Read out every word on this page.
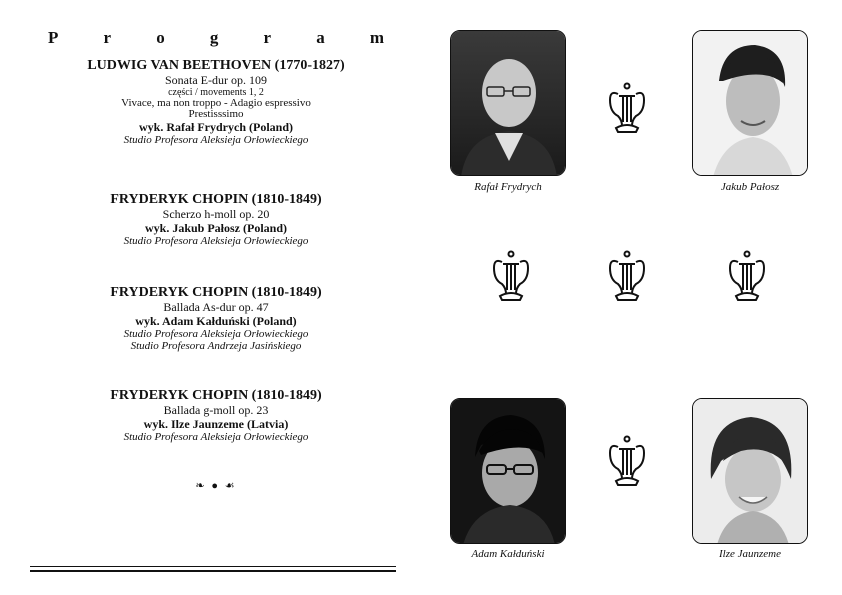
P	r	o	g	r	a	m
LUDWIG VAN BEETHOVEN (1770-1827)
Sonata E-dur op. 109
części / movements 1, 2
Vivace, ma non troppo - Adagio espressivo
Prestisssimo
wyk. Rafał Frydrych (Poland)
Studio Profesora Aleksieja Orłowieckiego
FRYDERYK CHOPIN (1810-1849)
Scherzo h-moll op. 20
wyk. Jakub Pałosz (Poland)
Studio Profesora Aleksieja Orłowieckiego
FRYDERYK CHOPIN (1810-1849)
Ballada As-dur op. 47
wyk. Adam Kałduński (Poland)
Studio Profesora Aleksieja Orłowieckiego
Studio Profesora Andrzeja Jasińskiego
FRYDERYK CHOPIN (1810-1849)
Ballada g-moll op. 23
wyk. Ilze Jaunzeme (Latvia)
Studio Profesora Aleksieja Orłowieckiego
❧ ● ☙
Rafał Frydrych	Jakub Pałosz
Adam Kałduński	Ilze Jaunzeme
